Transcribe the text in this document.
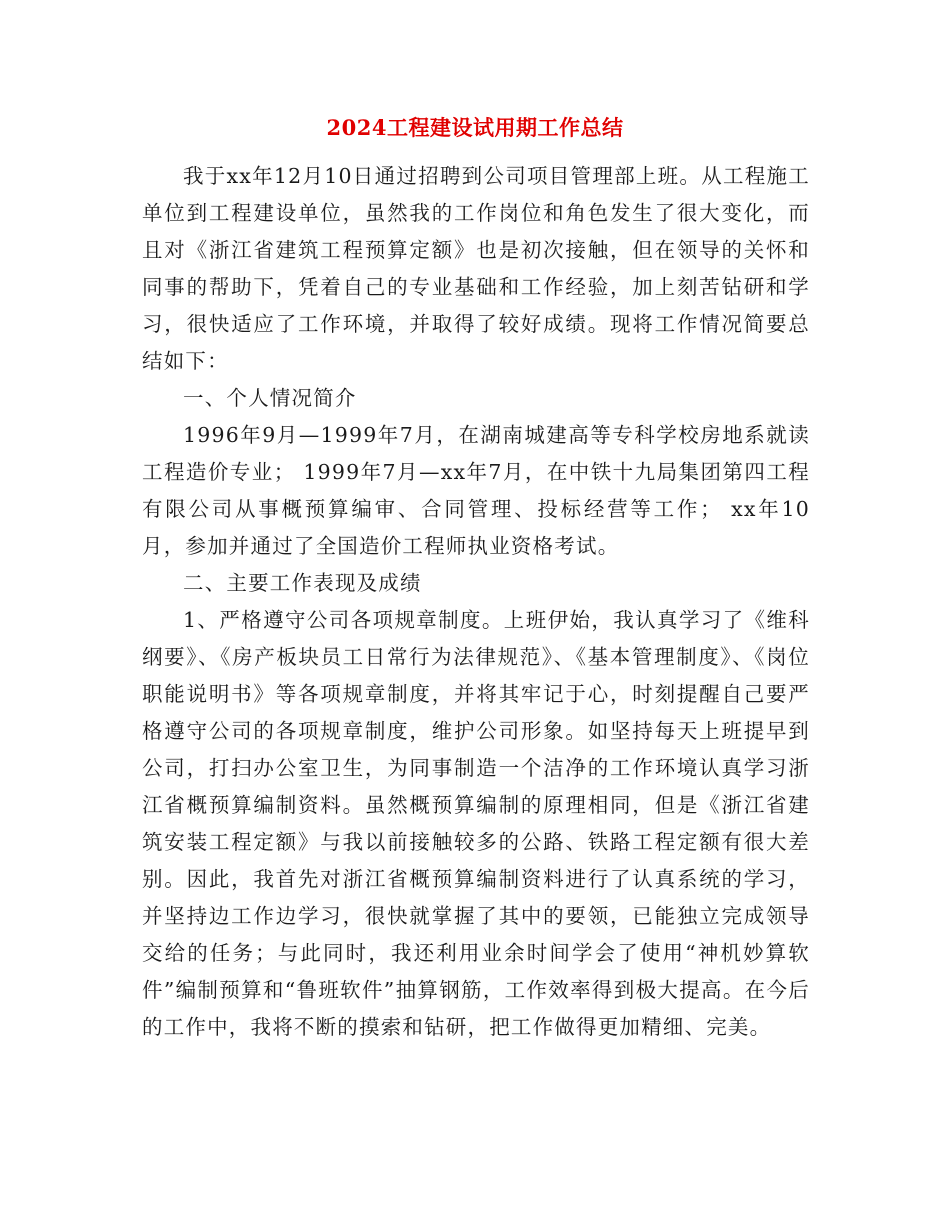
2024工程建设试用期工作总结

我于xx年12月10日通过招聘到公司项目管理部上班。从工程施工单位到工程建设单位，虽然我的工作岗位和角色发生了很大变化，而且对《浙江省建筑工程预算定额》也是初次接触，但在领导的关怀和同事的帮助下，凭着自己的专业基础和工作经验，加上刻苦钻研和学习，很快适应了工作环境，并取得了较好成绩。现将工作情况简要总结如下：

一、个人情况简介

1996年9月—1999年7月，在湖南城建高等专科学校房地系就读工程造价专业； 1999年7月—xx年7月，在中铁十九局集团第四工程有限公司从事概预算编审、合同管理、投标经营等工作； xx年10月，参加并通过了全国造价工程师执业资格考试。

二、主要工作表现及成绩

1、严格遵守公司各项规章制度。上班伊始，我认真学习了《维科纲要》、《房产板块员工日常行为法律规范》、《基本管理制度》、《岗位职能说明书》等各项规章制度，并将其牢记于心，时刻提醒自己要严格遵守公司的各项规章制度，维护公司形象。如坚持每天上班提早到公司，打扫办公室卫生，为同事制造一个洁净的工作环境认真学习浙江省概预算编制资料。虽然概预算编制的原理相同，但是《浙江省建筑安装工程定额》与我以前接触较多的公路、铁路工程定额有很大差别。因此，我首先对浙江省概预算编制资料进行了认真系统的学习，并坚持边工作边学习，很快就掌握了其中的要领，已能独立完成领导交给的任务；与此同时，我还利用业余时间学会了使用“神机妙算软件”编制预算和“鲁班软件”抽算钢筋，工作效率得到极大提高。在今后的工作中，我将不断的摸索和钻研，把工作做得更加精细、完美。
